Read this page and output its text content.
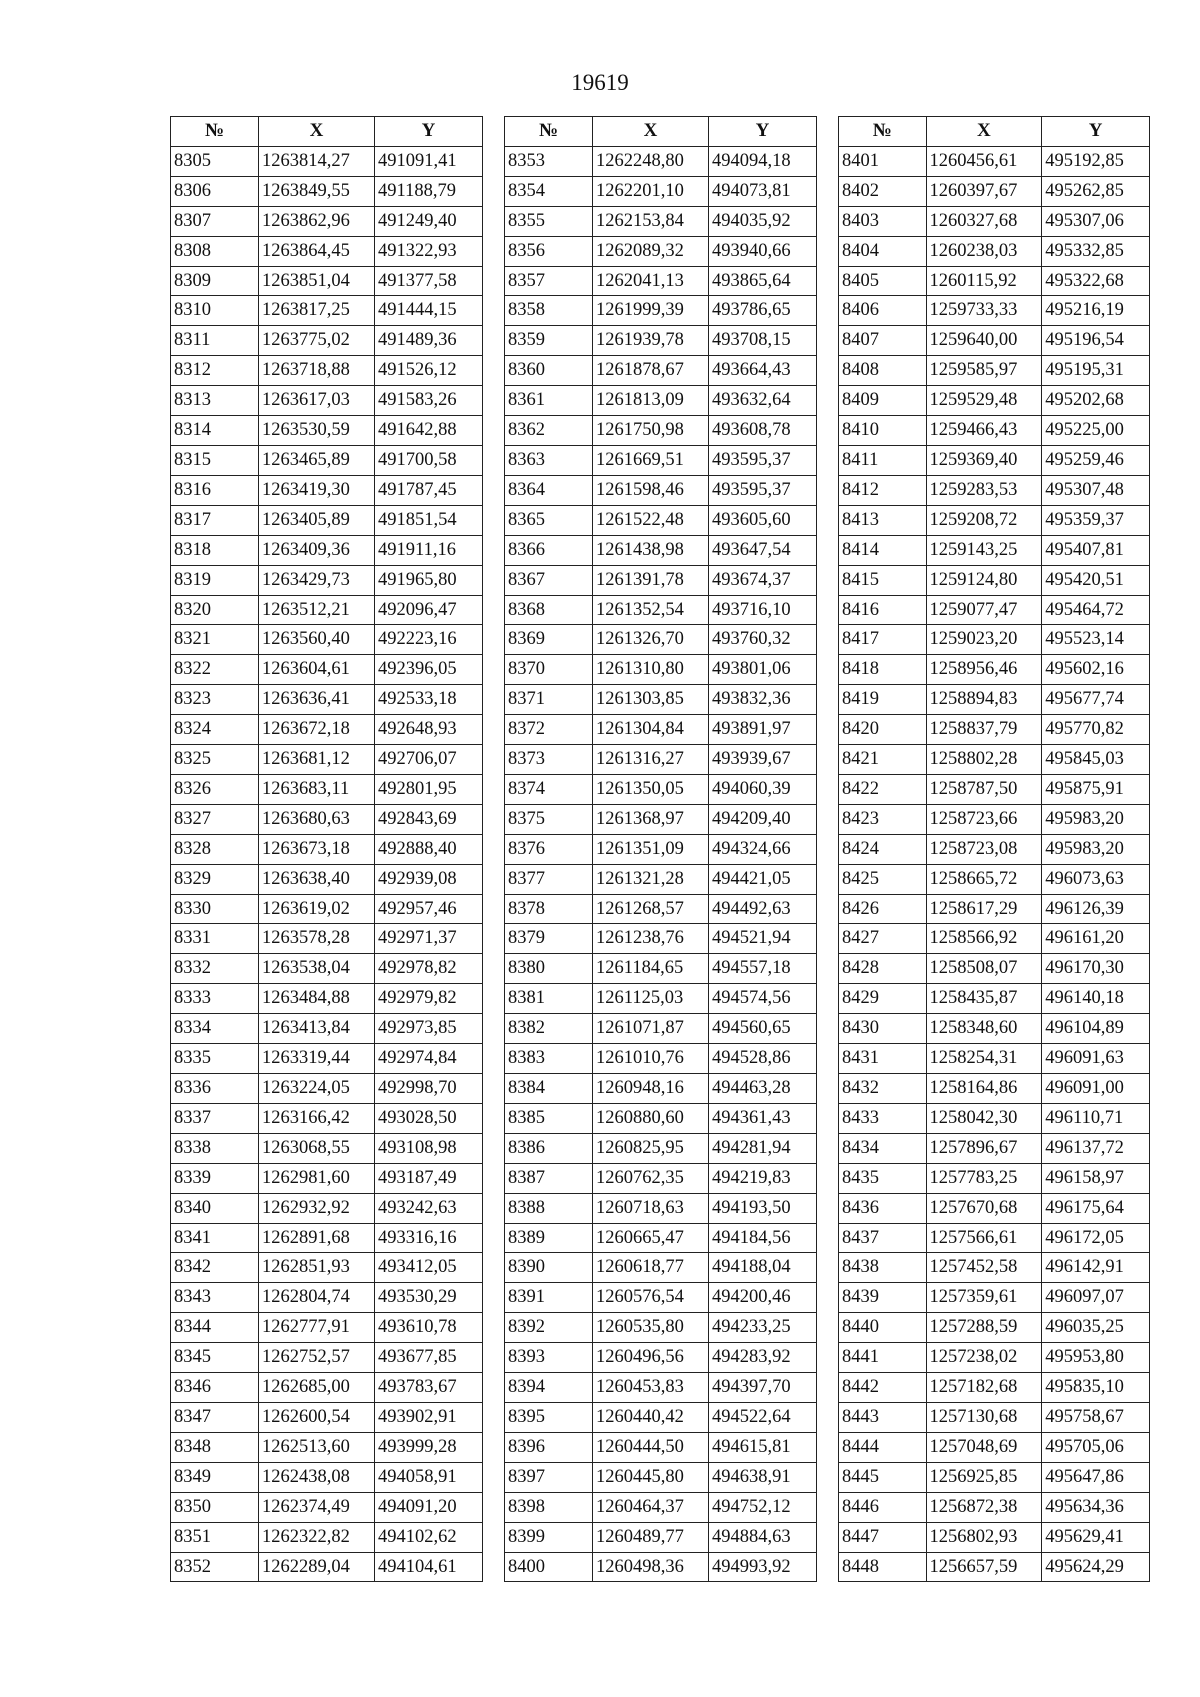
19619
№	X	Y
8305	1263814,27	491091,41
8306	1263849,55	491188,79
8307	1263862,96	491249,40
8308	1263864,45	491322,93
8309	1263851,04	491377,58
8310	1263817,25	491444,15
8311	1263775,02	491489,36
8312	1263718,88	491526,12
8313	1263617,03	491583,26
8314	1263530,59	491642,88
8315	1263465,89	491700,58
8316	1263419,30	491787,45
8317	1263405,89	491851,54
8318	1263409,36	491911,16
8319	1263429,73	491965,80
8320	1263512,21	492096,47
8321	1263560,40	492223,16
8322	1263604,61	492396,05
8323	1263636,41	492533,18
8324	1263672,18	492648,93
8325	1263681,12	492706,07
8326	1263683,11	492801,95
8327	1263680,63	492843,69
8328	1263673,18	492888,40
8329	1263638,40	492939,08
8330	1263619,02	492957,46
8331	1263578,28	492971,37
8332	1263538,04	492978,82
8333	1263484,88	492979,82
8334	1263413,84	492973,85
8335	1263319,44	492974,84
8336	1263224,05	492998,70
8337	1263166,42	493028,50
8338	1263068,55	493108,98
8339	1262981,60	493187,49
8340	1262932,92	493242,63
8341	1262891,68	493316,16
8342	1262851,93	493412,05
8343	1262804,74	493530,29
8344	1262777,91	493610,78
8345	1262752,57	493677,85
8346	1262685,00	493783,67
8347	1262600,54	493902,91
8348	1262513,60	493999,28
8349	1262438,08	494058,91
8350	1262374,49	494091,20
8351	1262322,82	494102,62
8352	1262289,04	494104,61
№	X	Y
8353	1262248,80	494094,18
8354	1262201,10	494073,81
8355	1262153,84	494035,92
8356	1262089,32	493940,66
8357	1262041,13	493865,64
8358	1261999,39	493786,65
8359	1261939,78	493708,15
8360	1261878,67	493664,43
8361	1261813,09	493632,64
8362	1261750,98	493608,78
8363	1261669,51	493595,37
8364	1261598,46	493595,37
8365	1261522,48	493605,60
8366	1261438,98	493647,54
8367	1261391,78	493674,37
8368	1261352,54	493716,10
8369	1261326,70	493760,32
8370	1261310,80	493801,06
8371	1261303,85	493832,36
8372	1261304,84	493891,97
8373	1261316,27	493939,67
8374	1261350,05	494060,39
8375	1261368,97	494209,40
8376	1261351,09	494324,66
8377	1261321,28	494421,05
8378	1261268,57	494492,63
8379	1261238,76	494521,94
8380	1261184,65	494557,18
8381	1261125,03	494574,56
8382	1261071,87	494560,65
8383	1261010,76	494528,86
8384	1260948,16	494463,28
8385	1260880,60	494361,43
8386	1260825,95	494281,94
8387	1260762,35	494219,83
8388	1260718,63	494193,50
8389	1260665,47	494184,56
8390	1260618,77	494188,04
8391	1260576,54	494200,46
8392	1260535,80	494233,25
8393	1260496,56	494283,92
8394	1260453,83	494397,70
8395	1260440,42	494522,64
8396	1260444,50	494615,81
8397	1260445,80	494638,91
8398	1260464,37	494752,12
8399	1260489,77	494884,63
8400	1260498,36	494993,92
№	X	Y
8401	1260456,61	495192,85
8402	1260397,67	495262,85
8403	1260327,68	495307,06
8404	1260238,03	495332,85
8405	1260115,92	495322,68
8406	1259733,33	495216,19
8407	1259640,00	495196,54
8408	1259585,97	495195,31
8409	1259529,48	495202,68
8410	1259466,43	495225,00
8411	1259369,40	495259,46
8412	1259283,53	495307,48
8413	1259208,72	495359,37
8414	1259143,25	495407,81
8415	1259124,80	495420,51
8416	1259077,47	495464,72
8417	1259023,20	495523,14
8418	1258956,46	495602,16
8419	1258894,83	495677,74
8420	1258837,79	495770,82
8421	1258802,28	495845,03
8422	1258787,50	495875,91
8423	1258723,66	495983,20
8424	1258723,08	495983,20
8425	1258665,72	496073,63
8426	1258617,29	496126,39
8427	1258566,92	496161,20
8428	1258508,07	496170,30
8429	1258435,87	496140,18
8430	1258348,60	496104,89
8431	1258254,31	496091,63
8432	1258164,86	496091,00
8433	1258042,30	496110,71
8434	1257896,67	496137,72
8435	1257783,25	496158,97
8436	1257670,68	496175,64
8437	1257566,61	496172,05
8438	1257452,58	496142,91
8439	1257359,61	496097,07
8440	1257288,59	496035,25
8441	1257238,02	495953,80
8442	1257182,68	495835,10
8443	1257130,68	495758,67
8444	1257048,69	495705,06
8445	1256925,85	495647,86
8446	1256872,38	495634,36
8447	1256802,93	495629,41
8448	1256657,59	495624,29
